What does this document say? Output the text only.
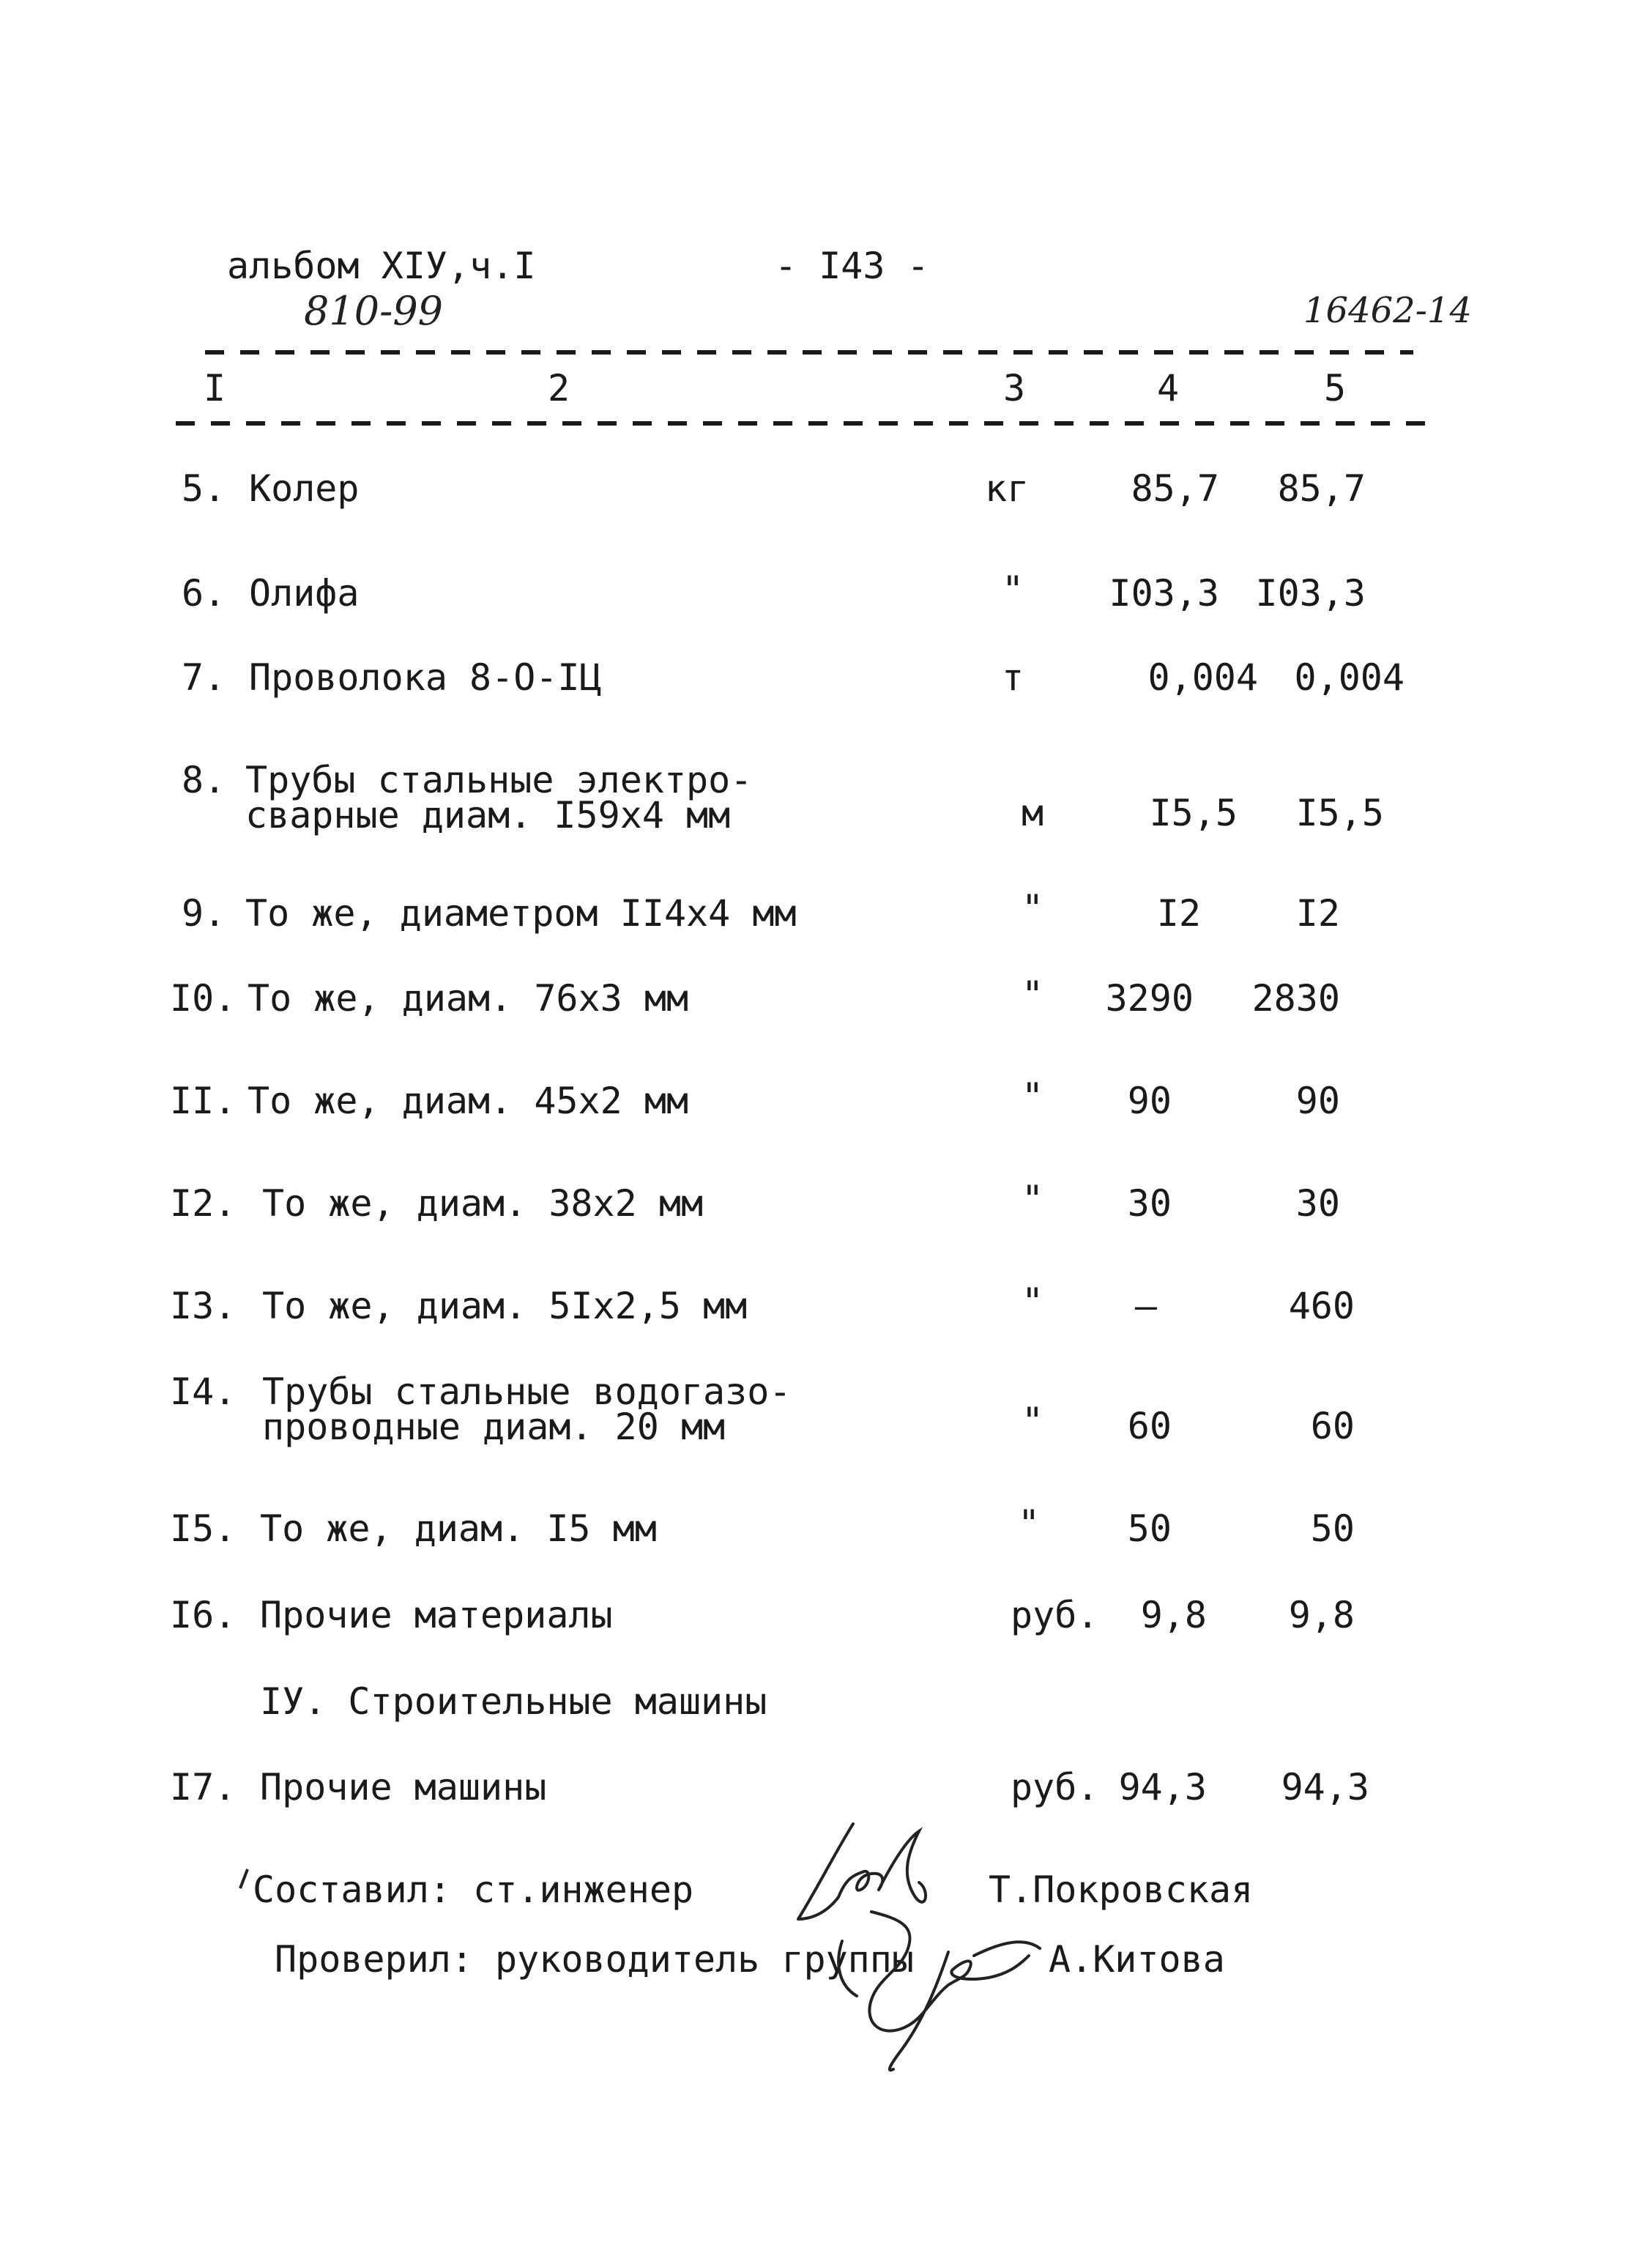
альбом XIУ,ч.I	- I43 -
810-99	16462-14
I	2	3	4	5
5. Колер	кг	85,7	85,7
6. Олифа	"	I03,3 I03,3
7. Проволока 8-О-IЦ	т	0,004 0,004
8. Трубы стальные электро-
сварные диам. I59х4 мм	м	I5,5	I5,5
9. То же, диаметром II4х4 мм	"	I2	I2
I0. То же, диам. 76х3 мм	"	3290	2830
II. То же, диам. 45х2 мм	"	90	90
I2. То же, диам. 38х2 мм	"	30	30
I3. То же, диам. 5Iх2,5 мм	"	–	460
I4. Трубы стальные водогазо-
проводные диам. 20 мм	"	60	60
I5. То же, диам. I5 мм	"	50	50
I6. Прочие материалы	руб.	9,8	9,8
IУ. Строительные машины
I7. Прочие машины	руб. 94,3	94,3
Составил: ст.инженер	Т.Покровская
Проверил: руководитель группы	А.Китова
